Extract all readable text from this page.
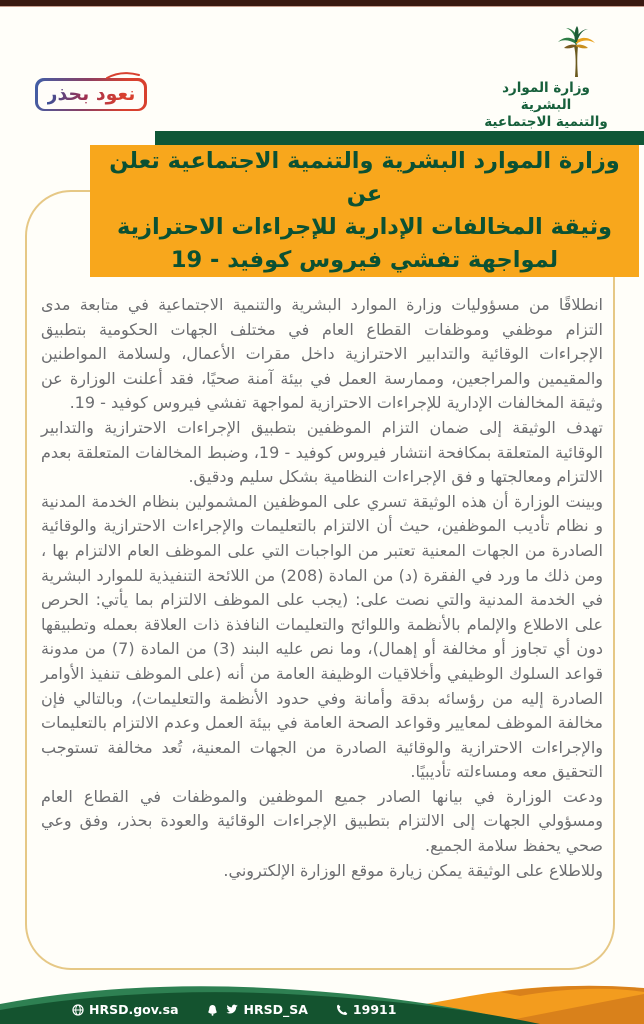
نعود بحذر	وزارة الموارد البشرية
والتنمية الاجتماعية
وزارة الموارد البشرية والتنمية الاجتماعية تعلن عن
وثيقة المخالفات الإدارية للإجراءات الاحترازية
لمواجهة تفشي فيروس كوفيد - 19

انطلاقًا من مسؤوليات وزارة الموارد البشرية والتنمية الاجتماعية في متابعة مدى التزام موظفي وموظفات القطاع العام في مختلف الجهات الحكومية بتطبيق الإجراءات الوقائية والتدابير الاحترازية داخل مقرات الأعمال، ولسلامة المواطنين والمقيمين والمراجعين، وممارسة العمل في بيئة آمنة صحيًا، فقد أعلنت الوزارة عن وثيقة المخالفات الإدارية للإجراءات الاحترازية لمواجهة تفشي فيروس كوفيد - 19.

تهدف الوثيقة إلى ضمان التزام الموظفين بتطبيق الإجراءات الاحترازية والتدابير الوقائية المتعلقة بمكافحة انتشار فيروس كوفيد - 19، وضبط المخالفات المتعلقة بعدم الالتزام ومعالجتها و فق الإجراءات النظامية بشكل سليم ودقيق.

وبينت الوزارة أن هذه الوثيقة تسري على الموظفين المشمولين بنظام الخدمة المدنية و نظام تأديب الموظفين، حيث أن الالتزام بالتعليمات والإجراءات الاحترازية والوقائية الصادرة من الجهات المعنية تعتبر من الواجبات التي على الموظف العام الالتزام بها ، ومن ذلك ما ورد في الفقرة (د) من المادة (208) من اللائحة التنفيذية للموارد البشرية في الخدمة المدنية والتي نصت على: (يجب على الموظف الالتزام بما يأتي: الحرص على الاطلاع والإلمام بالأنظمة واللوائح والتعليمات النافذة ذات العلاقة بعمله وتطبيقها دون أي تجاوز أو مخالفة أو إهمال)، وما نص عليه البند (3) من المادة (7) من مدونة قواعد السلوك الوظيفي وأخلاقيات الوظيفة العامة من أنه (على الموظف تنفيذ الأوامر الصادرة إليه من رؤسائه بدقة وأمانة وفي حدود الأنظمة والتعليمات)، وبالتالي فإن مخالفة الموظف لمعايير وقواعد الصحة العامة في بيئة العمل وعدم الالتزام بالتعليمات والإجراءات الاحترازية والوقائية الصادرة من الجهات المعنية، تُعد مخالفة تستوجب التحقيق معه ومساءلته تأديبيًا.

ودعت الوزارة في بيانها الصادر جميع الموظفين والموظفات في القطاع العام ومسؤولي الجهات إلى الالتزام بتطبيق الإجراءات الوقائية والعودة بحذر، وفق وعي صحي يحفظ سلامة الجميع.

وللاطلاع على الوثيقة يمكن زيارة موقع الوزارة الإلكتروني.

HRSD.gov.sa	HRSD_SA	19911
